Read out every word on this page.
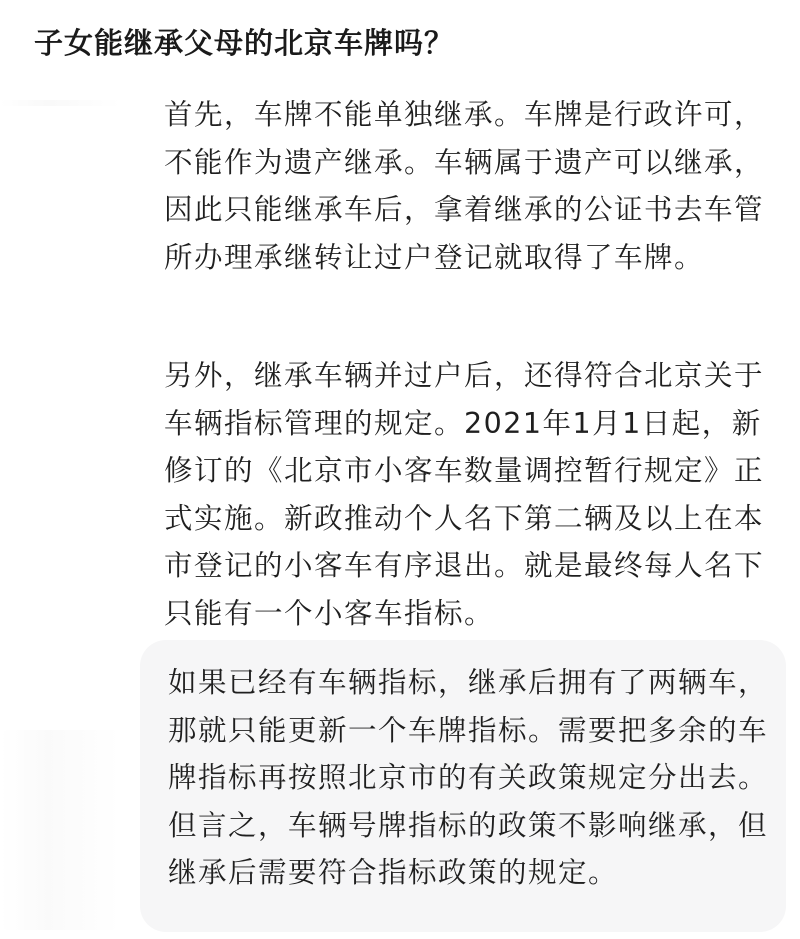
子女能继承父母的北京车牌吗？
首先，车牌不能单独继承。车牌是行政许可，不能作为遗产继承。车辆属于遗产可以继承，因此只能继承车后，拿着继承的公证书去车管所办理承继转让过户登记就取得了车牌。
另外，继承车辆并过户后，还得符合北京关于车辆指标管理的规定。2021年1月1日起，新修订的《北京市小客车数量调控暂行规定》正式实施。新政推动个人名下第二辆及以上在本市登记的小客车有序退出。就是最终每人名下只能有一个小客车指标。
如果已经有车辆指标，继承后拥有了两辆车，那就只能更新一个车牌指标。需要把多余的车牌指标再按照北京市的有关政策规定分出去。但言之，车辆号牌指标的政策不影响继承，但继承后需要符合指标政策的规定。
